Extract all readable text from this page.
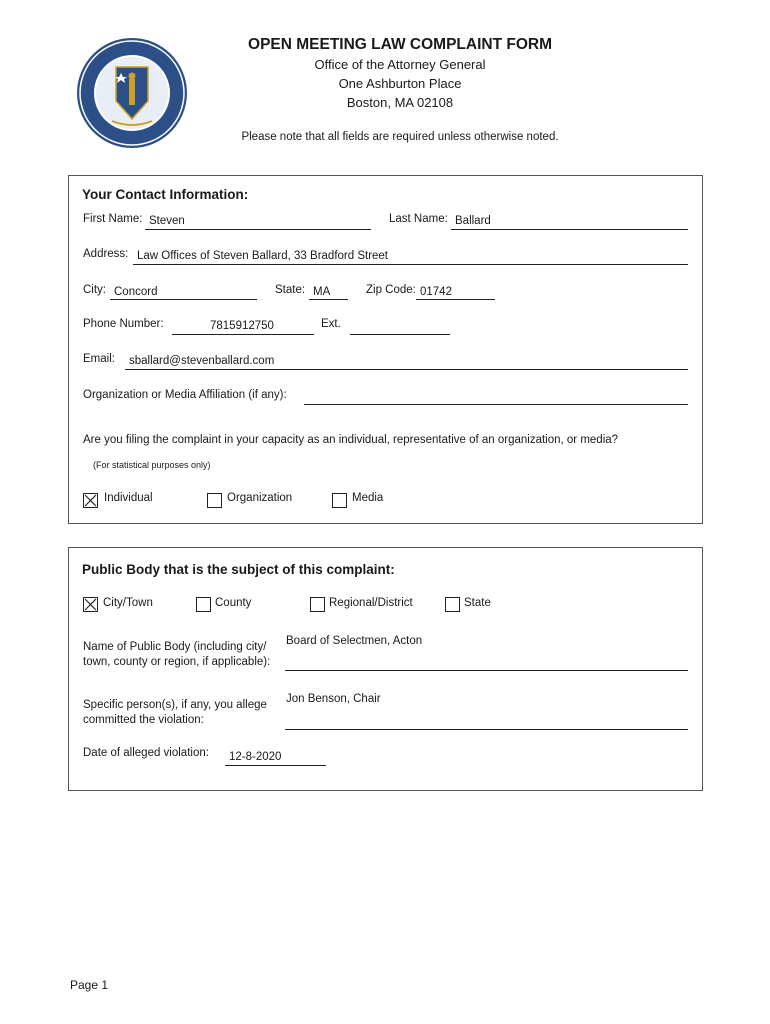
OPEN MEETING LAW COMPLAINT FORM
Office of the Attorney General
One Ashburton Place
Boston, MA 02108
Please note that all fields are required unless otherwise noted.
Your Contact Information:
First Name: Steven	Last Name: Ballard
Address: Law Offices of Steven Ballard, 33 Bradford Street
City: Concord	State: MA	Zip Code: 01742
Phone Number:	7815912750	Ext.
Email: sballard@stevenballard.com
Organization or Media Affiliation (if any):
Are you filing the complaint in your capacity as an individual, representative of an organization, or media?
(For statistical purposes only)
Individual	Organization	Media
Public Body that is the subject of this complaint:
City/Town	County	Regional/District	State
Name of Public Body (including city/
town, county or region, if applicable):
Board of Selectmen, Acton
Specific person(s), if any, you allege
committed the violation:
Jon Benson, Chair
Date of alleged violation: 12-8-2020
Page 1
